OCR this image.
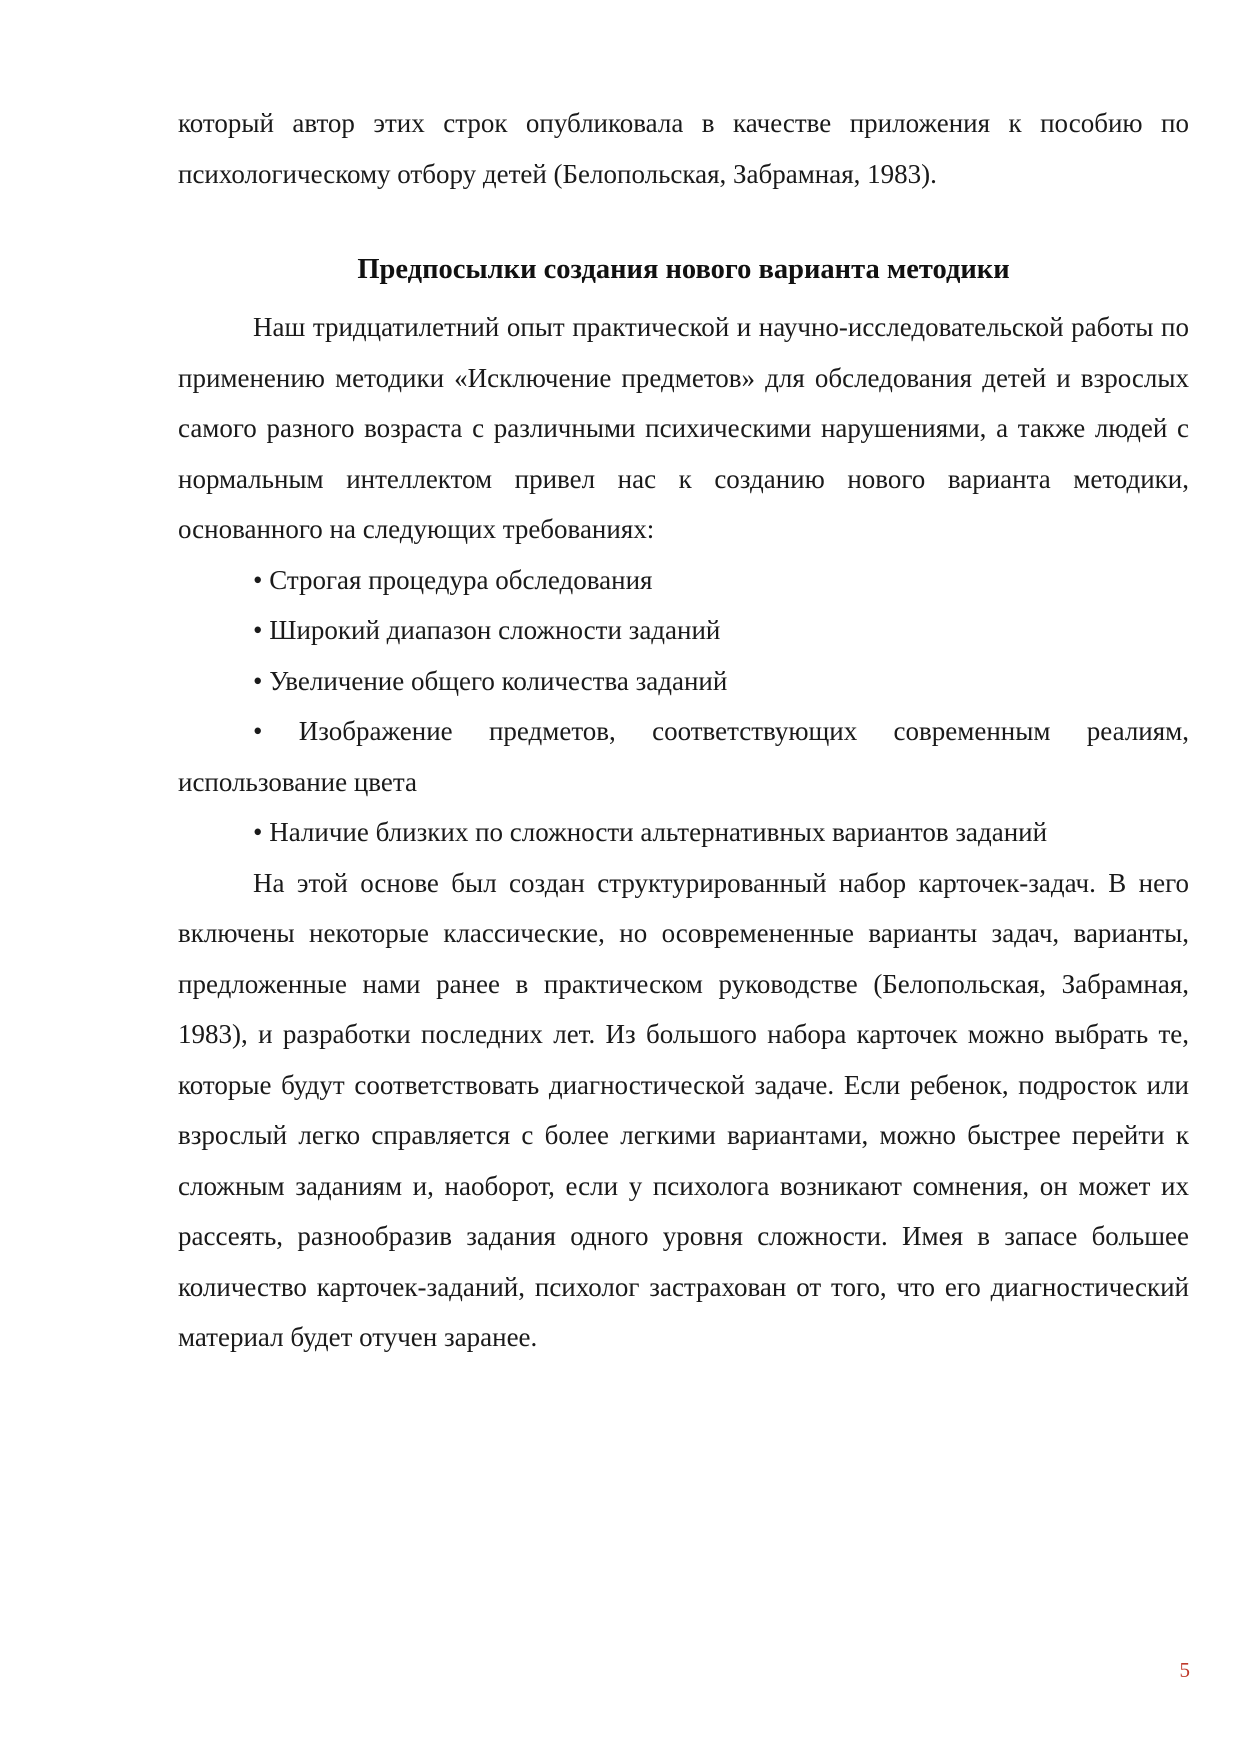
который автор этих строк опубликовала в качестве приложения к пособию по психологическому отбору детей (Белопольская, Забрамная, 1983).

Предпосылки создания нового варианта методики

Наш тридцатилетний опыт практической и научно-исследовательской работы по применению методики «Исключение предметов» для обследования детей и взрослых самого разного возраста с различными психическими нарушениями, а также людей с нормальным интеллектом привел нас к созданию нового варианта методики, основанного на следующих требованиях:

• Строгая процедура обследования

• Широкий диапазон сложности заданий

• Увеличение общего количества заданий

• Изображение предметов, соответствующих современным реалиям, использование цвета

• Наличие близких по сложности альтернативных вариантов заданий

На этой основе был создан структурированный набор карточек-задач. В него включены некоторые классические, но осовремененные варианты задач, варианты, предложенные нами ранее в практическом руководстве (Белопольская, Забрамная, 1983), и разработки последних лет. Из большого набора карточек можно выбрать те, которые будут соответствовать диагностической задаче. Если ребенок, подросток или взрослый легко справляется с более легкими вариантами, можно быстрее перейти к сложным заданиям и, наоборот, если у психолога возникают сомнения, он может их рассеять, разнообразив задания одного уровня сложности. Имея в запасе большее количество карточек-заданий, психолог застрахован от того, что его диагностический материал будет отучен заранее.

5
